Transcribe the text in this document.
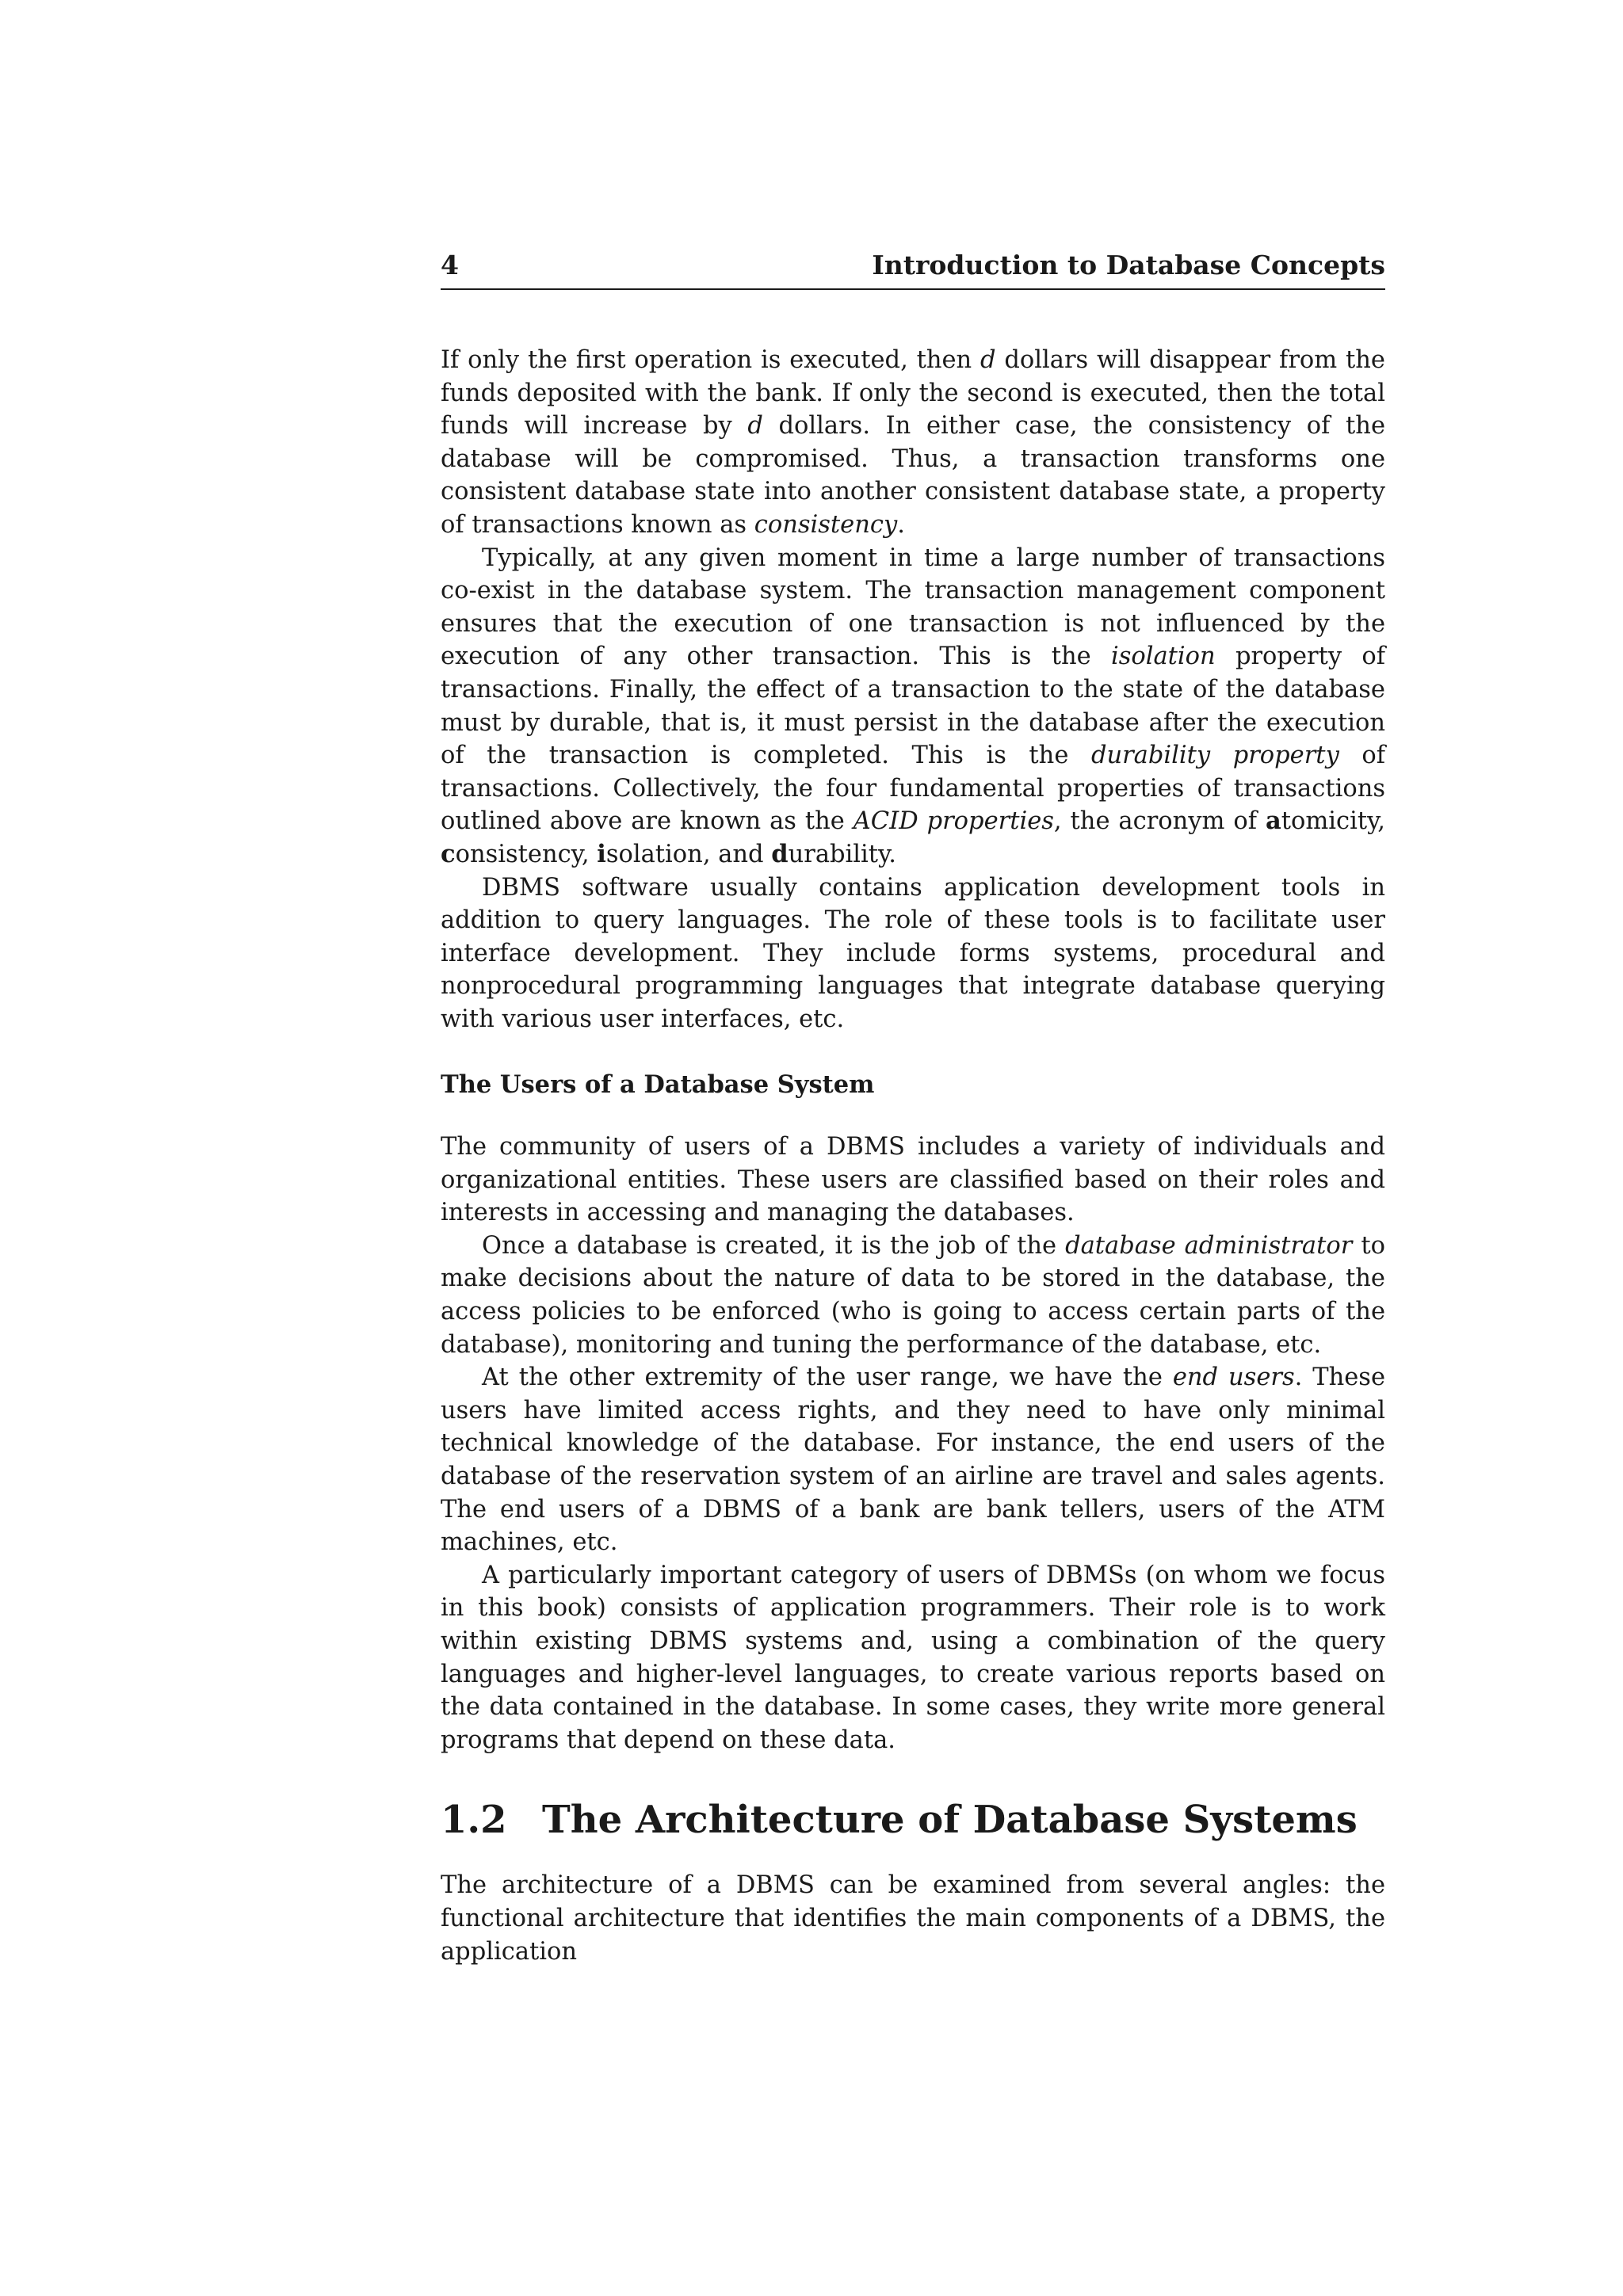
4	Introduction to Database Concepts

If only the first operation is executed, then d dollars will disappear from the funds deposited with the bank. If only the second is executed, then the total funds will increase by d dollars. In either case, the consistency of the database will be compromised. Thus, a transaction transforms one consistent database state into another consistent database state, a property of transactions known as consistency.

Typically, at any given moment in time a large number of transactions co-exist in the database system. The transaction management component ensures that the execution of one transaction is not influenced by the execution of any other transaction. This is the isolation property of transactions. Finally, the effect of a transaction to the state of the database must by durable, that is, it must persist in the database after the execution of the transaction is completed. This is the durability property of transactions. Collectively, the four fundamental properties of transactions outlined above are known as the ACID properties, the acronym of atomicity, consistency, isolation, and durability.

DBMS software usually contains application development tools in addition to query languages. The role of these tools is to facilitate user interface development. They include forms systems, procedural and nonprocedural programming languages that integrate database querying with various user interfaces, etc.

The Users of a Database System

The community of users of a DBMS includes a variety of individuals and organizational entities. These users are classified based on their roles and interests in accessing and managing the databases.

Once a database is created, it is the job of the database administrator to make decisions about the nature of data to be stored in the database, the access policies to be enforced (who is going to access certain parts of the database), monitoring and tuning the performance of the database, etc.

At the other extremity of the user range, we have the end users. These users have limited access rights, and they need to have only minimal technical knowledge of the database. For instance, the end users of the database of the reservation system of an airline are travel and sales agents. The end users of a DBMS of a bank are bank tellers, users of the ATM machines, etc.

A particularly important category of users of DBMSs (on whom we focus in this book) consists of application programmers. Their role is to work within existing DBMS systems and, using a combination of the query languages and higher-level languages, to create various reports based on the data contained in the database. In some cases, they write more general programs that depend on these data.

1.2 The Architecture of Database Systems

The architecture of a DBMS can be examined from several angles: the functional architecture that identifies the main components of a DBMS, the application
